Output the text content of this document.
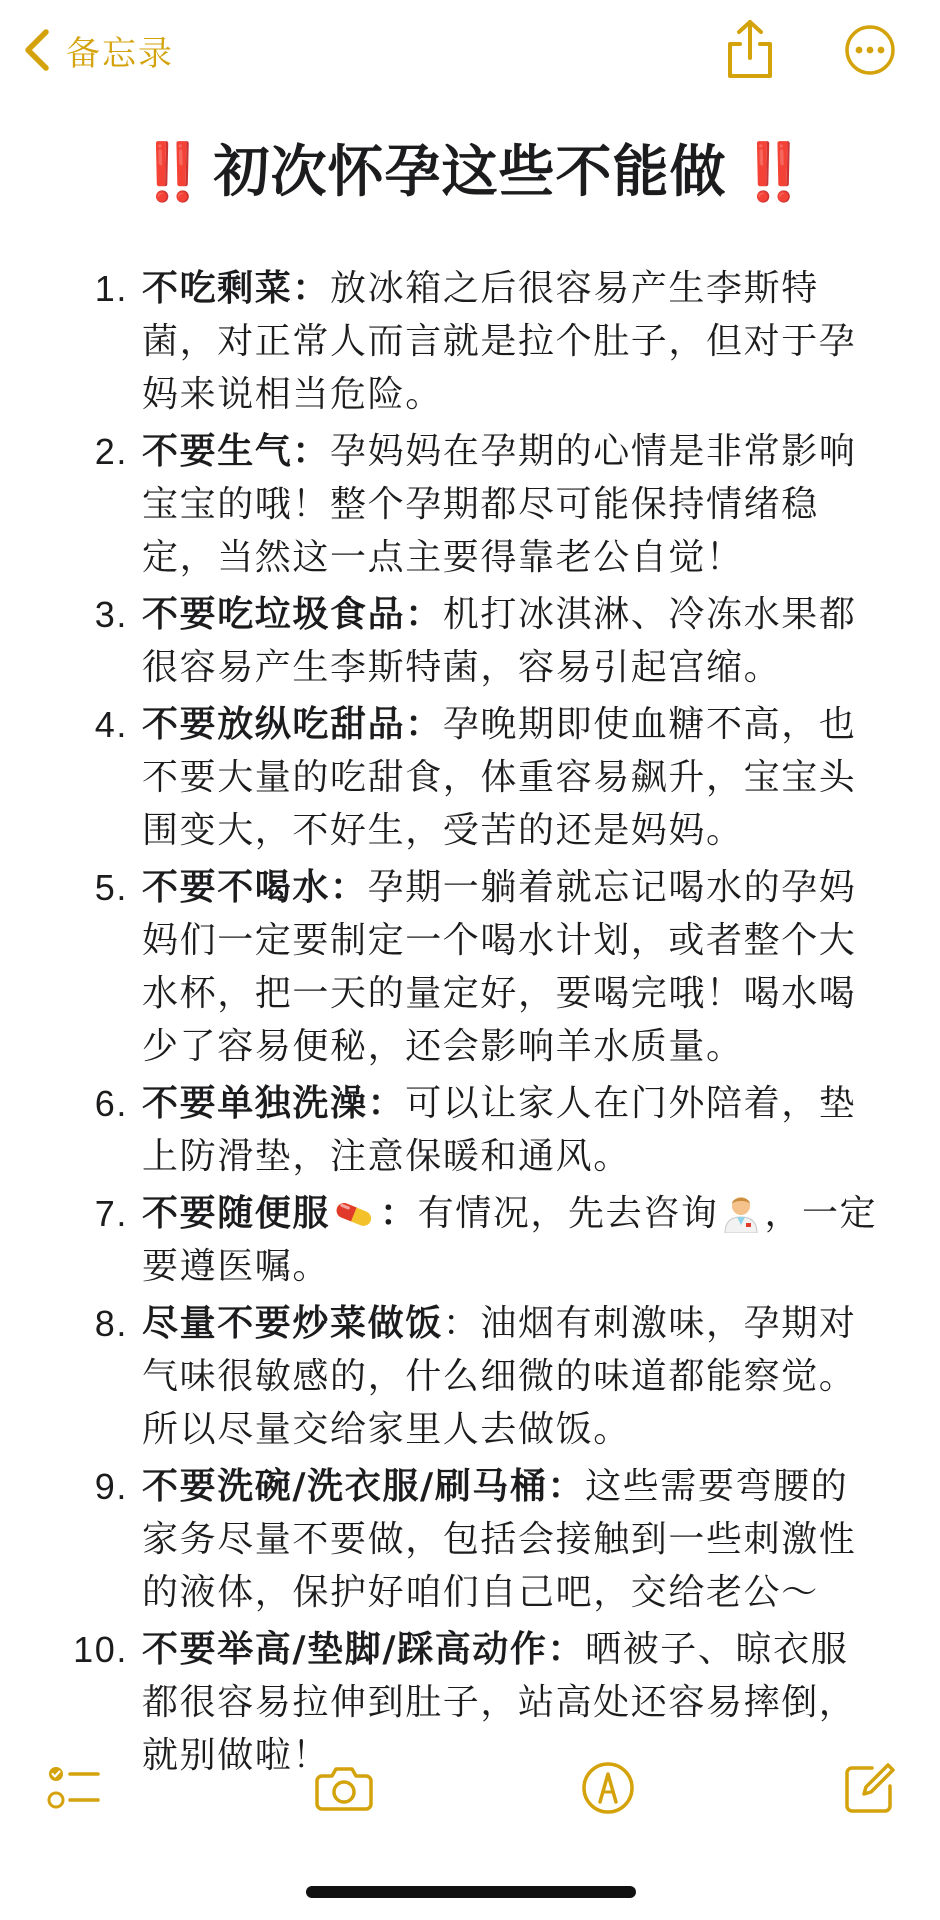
备忘录
‼️ 初次怀孕这些不能做 ‼️
1. 不吃剩菜：放冰箱之后很容易产生李斯特菌，对正常人而言就是拉个肚子，但对于孕妈来说相当危险。
2. 不要生气：孕妈妈在孕期的心情是非常影响宝宝的哦！整个孕期都尽可能保持情绪稳定，当然这一点主要得靠老公自觉！
3. 不要吃垃圾食品：机打冰淇淋、冷冻水果都很容易产生李斯特菌，容易引起宫缩。
4. 不要放纵吃甜品：孕晚期即使血糖不高，也不要大量的吃甜食，体重容易飙升，宝宝头围变大，不好生，受苦的还是妈妈。
5. 不要不喝水：孕期一躺着就忘记喝水的孕妈妈们一定要制定一个喝水计划，或者整个大水杯，把一天的量定好，要喝完哦！喝水喝少了容易便秘，还会影响羊水质量。
6. 不要单独洗澡：可以让家人在门外陪着，垫上防滑垫，注意保暖和通风。
7. 不要随便服 ：有情况，先去咨询 ，一定要遵医嘱。
8. 尽量不要炒菜做饭：油烟有刺激味，孕期对气味很敏感的，什么细微的味道都能察觉。所以尽量交给家里人去做饭。
9. 不要洗碗/洗衣服/刷马桶：这些需要弯腰的家务尽量不要做，包括会接触到一些刺激性的液体，保护好咱们自己吧，交给老公～
10. 不要举高/垫脚/踩高动作：晒被子、晾衣服都很容易拉伸到肚子，站高处还容易摔倒，就别做啦！
